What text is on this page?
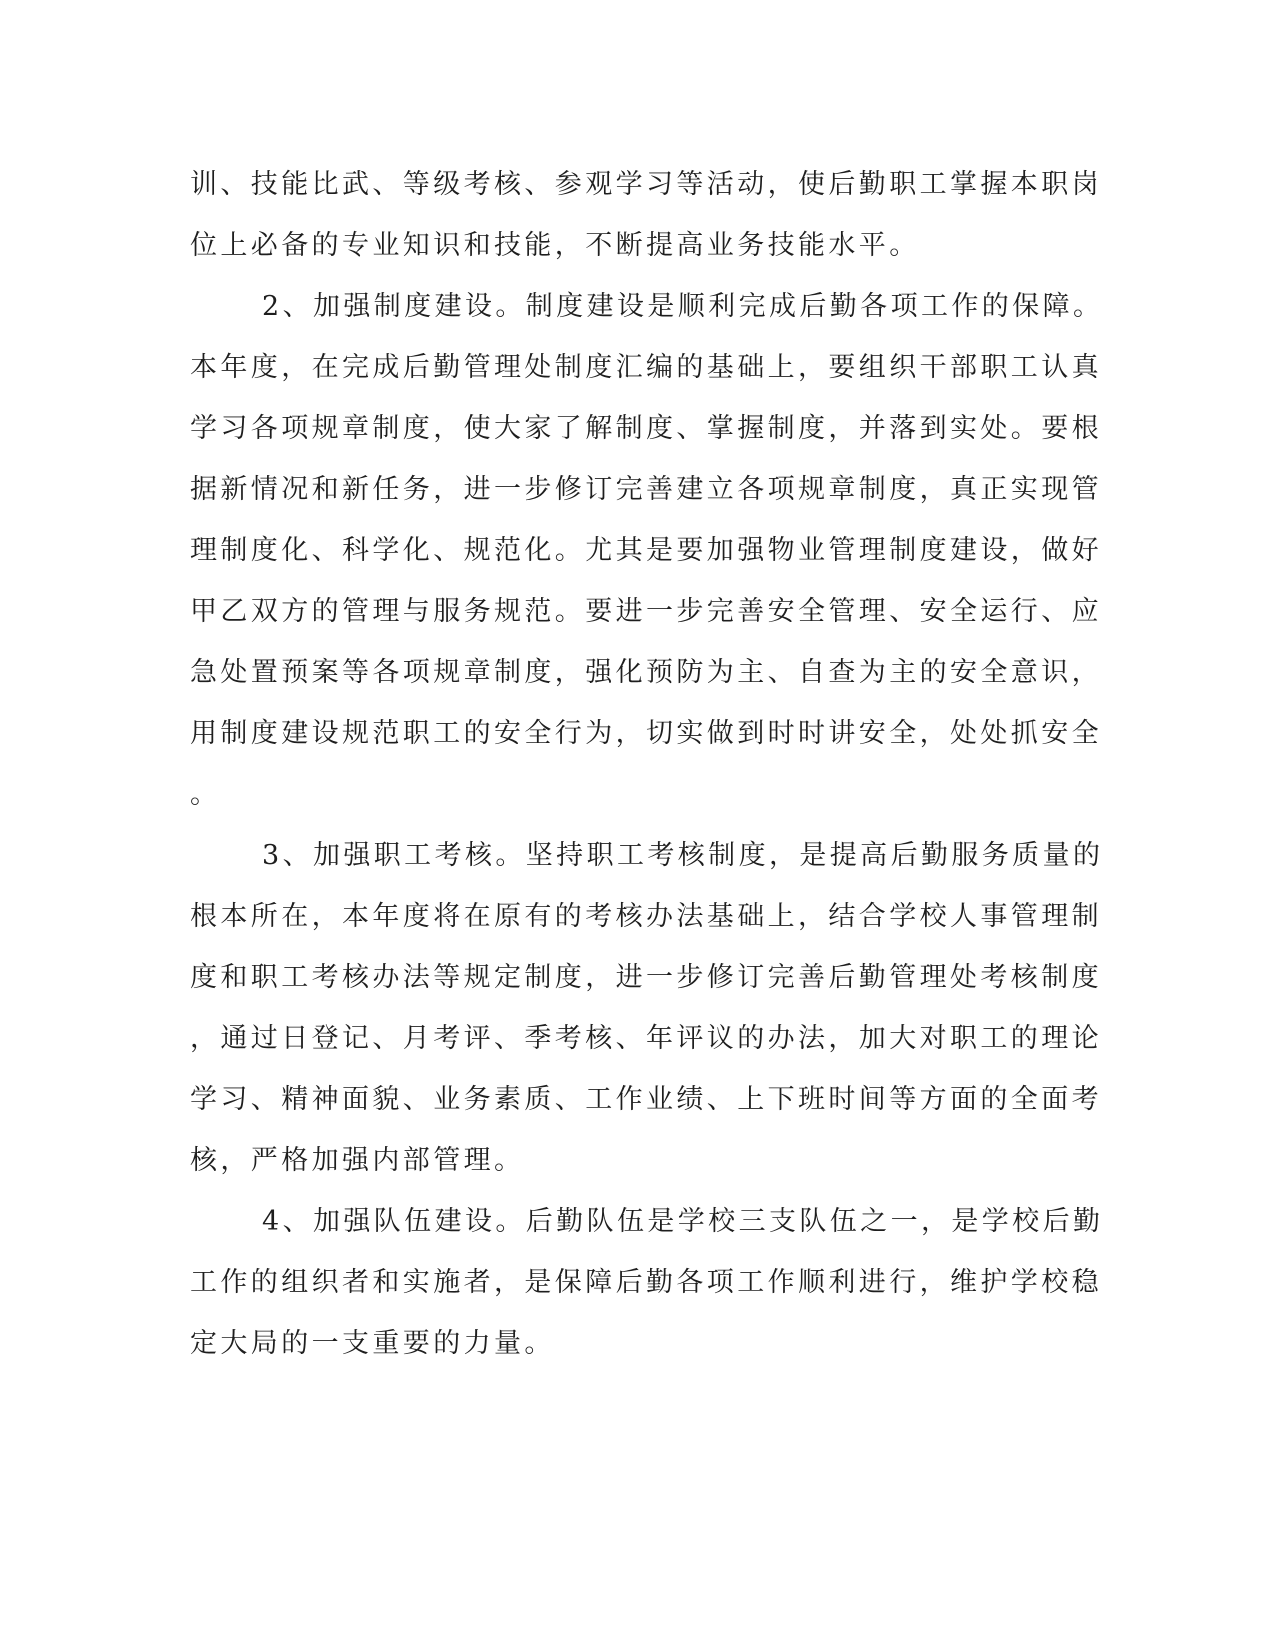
训、技能比武、等级考核、参观学习等活动，使后勤职工掌握本职岗
位上必备的专业知识和技能，不断提高业务技能水平。
2、加强制度建设。制度建设是顺利完成后勤各项工作的保障。
本年度，在完成后勤管理处制度汇编的基础上，要组织干部职工认真
学习各项规章制度，使大家了解制度、掌握制度，并落到实处。要根
据新情况和新任务，进一步修订完善建立各项规章制度，真正实现管
理制度化、科学化、规范化。尤其是要加强物业管理制度建设，做好
甲乙双方的管理与服务规范。要进一步完善安全管理、安全运行、应
急处置预案等各项规章制度，强化预防为主、自查为主的安全意识，
用制度建设规范职工的安全行为，切实做到时时讲安全，处处抓安全
。
3、加强职工考核。坚持职工考核制度，是提高后勤服务质量的
根本所在，本年度将在原有的考核办法基础上，结合学校人事管理制
度和职工考核办法等规定制度，进一步修订完善后勤管理处考核制度
，通过日登记、月考评、季考核、年评议的办法，加大对职工的理论
学习、精神面貌、业务素质、工作业绩、上下班时间等方面的全面考
核，严格加强内部管理。
4、加强队伍建设。后勤队伍是学校三支队伍之一，是学校后勤
工作的组织者和实施者，是保障后勤各项工作顺利进行，维护学校稳
定大局的一支重要的力量。
